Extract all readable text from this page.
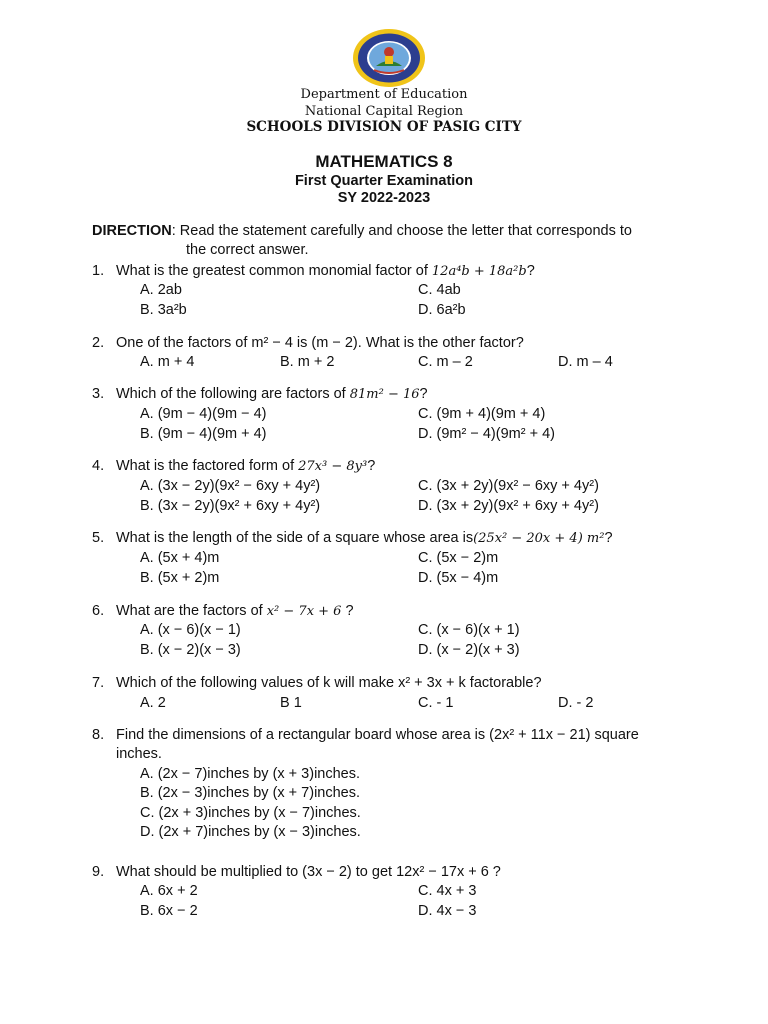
Department of Education
National Capital Region
SCHOOLS DIVISION OF PASIG CITY
MATHEMATICS 8
First Quarter Examination
SY 2022-2023
DIRECTION: Read the statement carefully and choose the letter that corresponds to
the correct answer.
1. What is the greatest common monomial factor of 12a⁴b + 18a²b?
A. 2ab	C. 4ab
B. 3a²b	D. 6a²b
2. One of the factors of m² − 4 is (m − 2). What is the other factor?
A. m + 4	B. m + 2	C. m – 2	D. m – 4
3. Which of the following are factors of 81m² − 16?
A. (9m − 4)(9m − 4)	C. (9m + 4)(9m + 4)
B. (9m − 4)(9m + 4)	D. (9m² − 4)(9m² + 4)
4. What is the factored form of 27x³ − 8y³?
A. (3x − 2y)(9x² − 6xy + 4y²)	C. (3x + 2y)(9x² − 6xy + 4y²)
B. (3x − 2y)(9x² + 6xy + 4y²)	D. (3x + 2y)(9x² + 6xy + 4y²)
5. What is the length of the side of a square whose area is(25x² − 20x + 4) m²?
A. (5x + 4)m	C. (5x − 2)m
B. (5x + 2)m	D. (5x − 4)m
6. What are the factors of x² − 7x + 6 ?
A. (x − 6)(x − 1)	C. (x − 6)(x + 1)
B. (x − 2)(x − 3)	D. (x − 2)(x + 3)
7. Which of the following values of k will make x² + 3x + k factorable?
A. 2	B 1	C. - 1	D. - 2
8. Find the dimensions of a rectangular board whose area is (2x² + 11x − 21) square inches.
A. (2x − 7)inches by (x + 3)inches.
B. (2x − 3)inches by (x + 7)inches.
C. (2x + 3)inches by (x − 7)inches.
D. (2x + 7)inches by (x − 3)inches.
9. What should be multiplied to (3x − 2) to get 12x² − 17x + 6 ?
A. 6x + 2	C. 4x + 3
B. 6x − 2	D. 4x − 3
